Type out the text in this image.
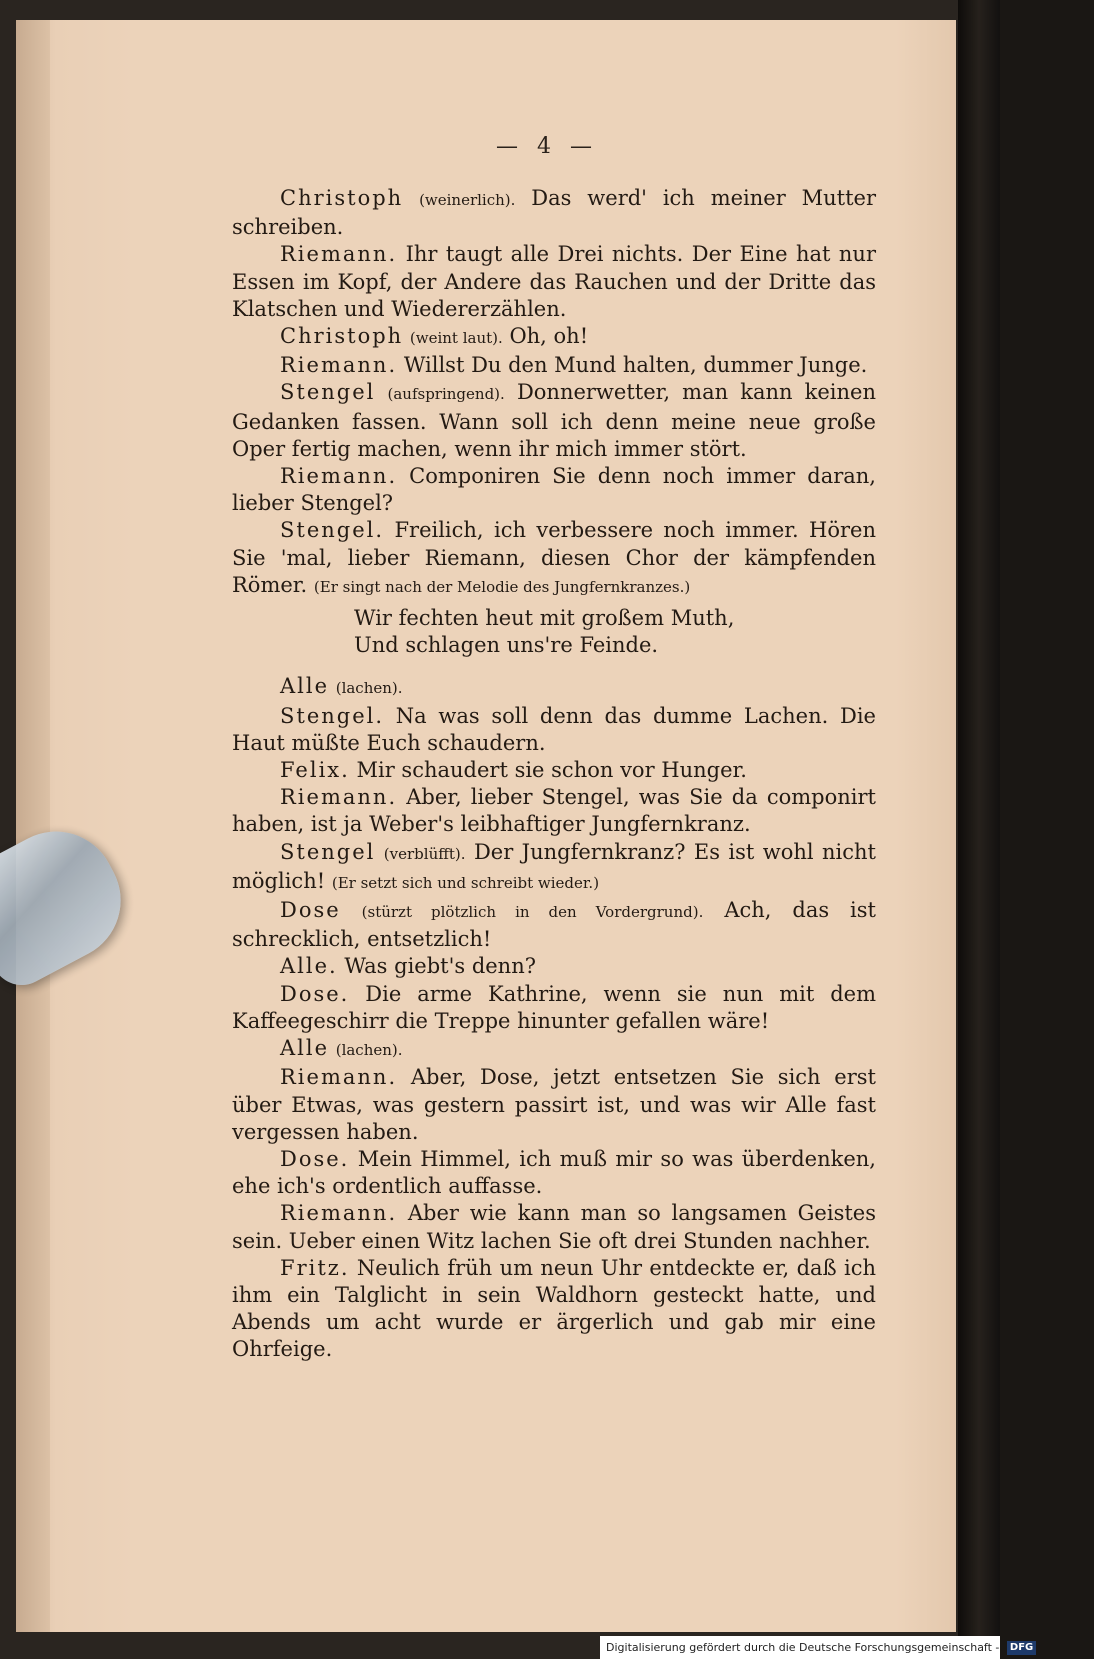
— 4 —

Christoph (weinerlich). Das werd' ich meiner Mutter schreiben.

Riemann. Ihr taugt alle Drei nichts. Der Eine hat nur Essen im Kopf, der Andere das Rauchen und der Dritte das Klatschen und Wiedererzählen.

Christoph (weint laut). Oh, oh!

Riemann. Willst Du den Mund halten, dummer Junge.

Stengel (aufspringend). Donnerwetter, man kann keinen Gedanken fassen. Wann soll ich denn meine neue große Oper fertig machen, wenn ihr mich immer stört.

Riemann. Componiren Sie denn noch immer daran, lieber Stengel?

Stengel. Freilich, ich verbessere noch immer. Hören Sie 'mal, lieber Riemann, diesen Chor der kämpfenden Römer. (Er singt nach der Melodie des Jungfernkranzes.)

Wir fechten heut mit großem Muth,

Und schlagen uns're Feinde.

Alle (lachen).

Stengel. Na was soll denn das dumme Lachen. Die Haut müßte Euch schaudern.

Felix. Mir schaudert sie schon vor Hunger.

Riemann. Aber, lieber Stengel, was Sie da componirt haben, ist ja Weber's leibhaftiger Jungfernkranz.

Stengel (verblüfft). Der Jungfernkranz? Es ist wohl nicht möglich! (Er setzt sich und schreibt wieder.)

Dose (stürzt plötzlich in den Vordergrund). Ach, das ist schrecklich, entsetzlich!

Alle. Was giebt's denn?

Dose. Die arme Kathrine, wenn sie nun mit dem Kaffeegeschirr die Treppe hinunter gefallen wäre!

Alle (lachen).

Riemann. Aber, Dose, jetzt entsetzen Sie sich erst über Etwas, was gestern passirt ist, und was wir Alle fast vergessen haben.

Dose. Mein Himmel, ich muß mir so was überdenken, ehe ich's ordentlich auffasse.

Riemann. Aber wie kann man so langsamen Geistes sein. Ueber einen Witz lachen Sie oft drei Stunden nachher.

Fritz. Neulich früh um neun Uhr entdeckte er, daß ich ihm ein Talglicht in sein Waldhorn gesteckt hatte, und Abends um acht wurde er ärgerlich und gab mir eine Ohrfeige.

Digitalisierung gefördert durch die Deutsche Forschungsgemeinschaft - DFG
